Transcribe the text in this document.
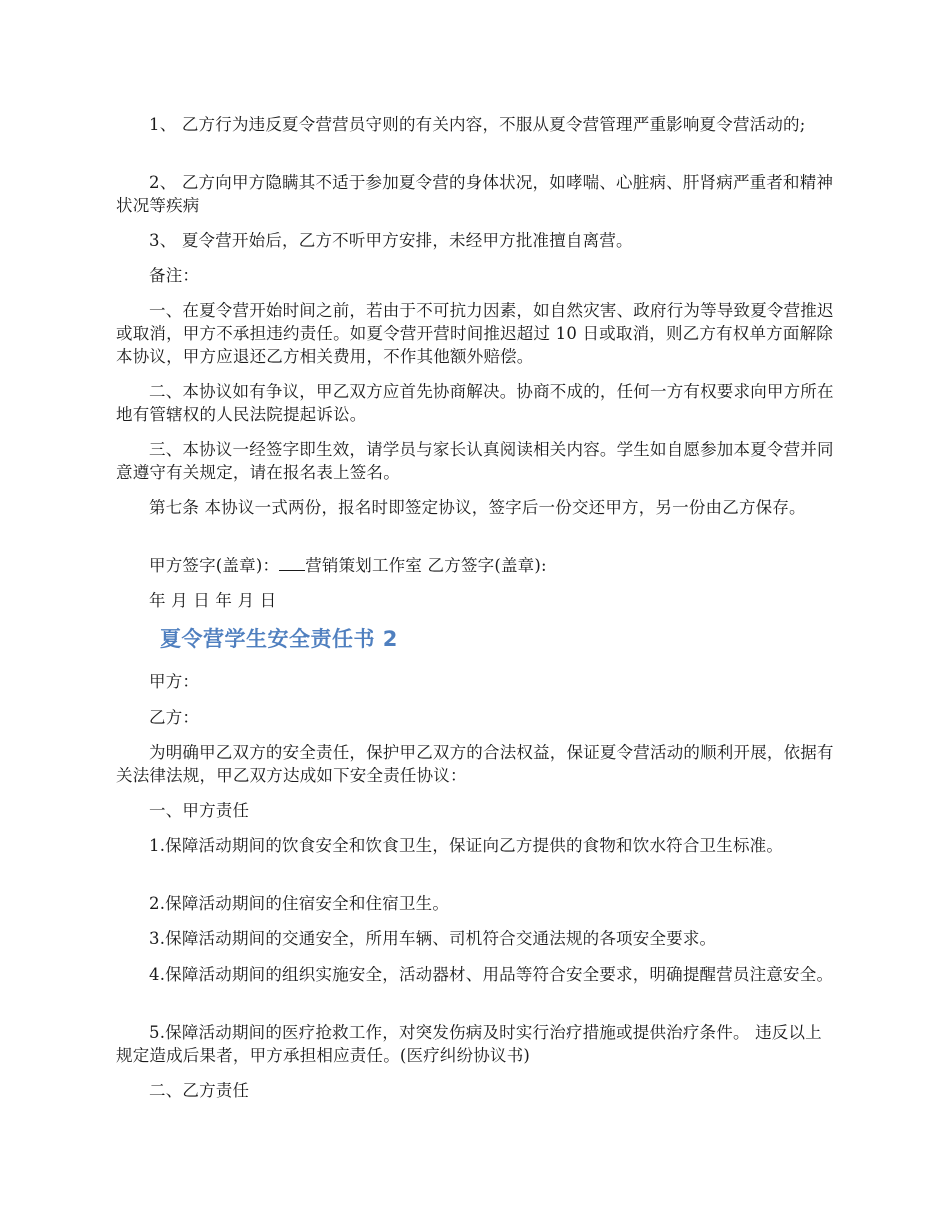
1、 乙方行为违反夏令营营员守则的有关内容，不服从夏令营管理严重影响夏令营活动的;

2、 乙方向甲方隐瞒其不适于参加夏令营的身体状况，如哮喘、心脏病、肝肾病严重者和精神状况等疾病

3、 夏令营开始后，乙方不听甲方安排，未经甲方批准擅自离营。

备注：

一、在夏令营开始时间之前，若由于不可抗力因素，如自然灾害、政府行为等导致夏令营推迟或取消，甲方不承担违约责任。如夏令营开营时间推迟超过 10 日或取消，则乙方有权单方面解除本协议，甲方应退还乙方相关费用，不作其他额外赔偿。

二、本协议如有争议，甲乙双方应首先协商解决。协商不成的，任何一方有权要求向甲方所在地有管辖权的人民法院提起诉讼。

三、本协议一经签字即生效，请学员与家长认真阅读相关内容。学生如自愿参加本夏令营并同意遵守有关规定，请在报名表上签名。

第七条 本协议一式两份，报名时即签定协议，签字后一份交还甲方，另一份由乙方保存。

甲方签字(盖章)： 营销策划工作室 乙方签字(盖章):

年 月 日 年 月 日

夏令营学生安全责任书 2

甲方：

乙方：

为明确甲乙双方的安全责任，保护甲乙双方的合法权益，保证夏令营活动的顺利开展，依据有关法律法规，甲乙双方达成如下安全责任协议：

一、甲方责任

1.保障活动期间的饮食安全和饮食卫生，保证向乙方提供的食物和饮水符合卫生标准。

2.保障活动期间的住宿安全和住宿卫生。

3.保障活动期间的交通安全，所用车辆、司机符合交通法规的各项安全要求。

4.保障活动期间的组织实施安全，活动器材、用品等符合安全要求，明确提醒营员注意安全。

5.保障活动期间的医疗抢救工作，对突发伤病及时实行治疗措施或提供治疗条件。 违反以上规定造成后果者，甲方承担相应责任。(医疗纠纷协议书)

二、乙方责任
